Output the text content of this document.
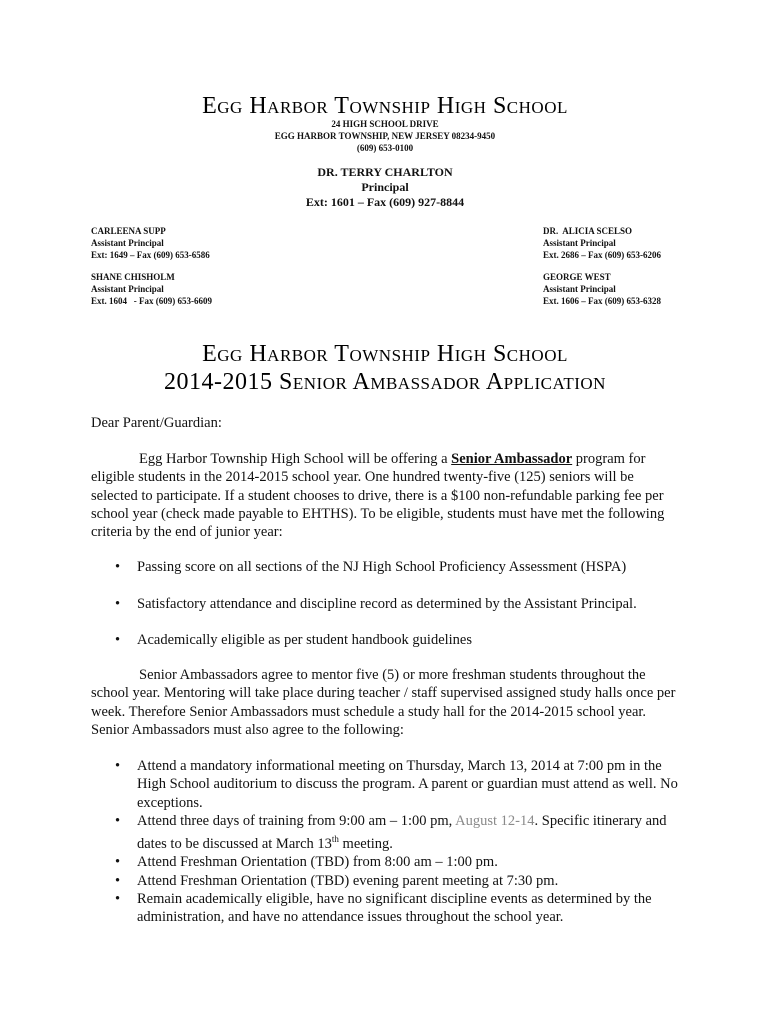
Egg Harbor Township High School
24 HIGH SCHOOL DRIVE
EGG HARBOR TOWNSHIP, NEW JERSEY 08234-9450
(609) 653-0100
DR. TERRY CHARLTON
Principal
Ext: 1601 – Fax (609) 927-8844
CARLEENA SUPP
Assistant Principal
Ext: 1649 – Fax (609) 653-6586
SHANE CHISHOLM
Assistant Principal
Ext. 1604   - Fax (609) 653-6609
DR.  ALICIA SCELSO
Assistant Principal
Ext. 2686 – Fax (609) 653-6206
GEORGE WEST
Assistant Principal
Ext. 1606 – Fax (609) 653-6328
Egg Harbor Township High School
2014-2015 Senior Ambassador Application
Dear Parent/Guardian:
Egg Harbor Township High School will be offering a Senior Ambassador program for eligible students in the 2014-2015 school year. One hundred twenty-five (125) seniors will be selected to participate. If a student chooses to drive, there is a $100 non-refundable parking fee per school year (check made payable to EHTHS). To be eligible, students must have met the following criteria by the end of junior year:
•	Passing score on all sections of the NJ High School Proficiency Assessment (HSPA)
•	Satisfactory attendance and discipline record as determined by the Assistant Principal.
•	Academically eligible as per student handbook guidelines
Senior Ambassadors agree to mentor five (5) or more freshman students throughout the school year. Mentoring will take place during teacher / staff supervised assigned study halls once per week. Therefore Senior Ambassadors must schedule a study hall for the 2014-2015 school year. Senior Ambassadors must also agree to the following:
•	Attend a mandatory informational meeting on Thursday, March 13, 2014 at 7:00 pm in the High School auditorium to discuss the program. A parent or guardian must attend as well. No exceptions.
•	Attend three days of training from 9:00 am – 1:00 pm, August 12-14. Specific itinerary and dates to be discussed at March 13th meeting.
•	Attend Freshman Orientation (TBD) from 8:00 am – 1:00 pm.
•	Attend Freshman Orientation (TBD) evening parent meeting at 7:30 pm.
•	Remain academically eligible, have no significant discipline events as determined by the administration, and have no attendance issues throughout the school year.
